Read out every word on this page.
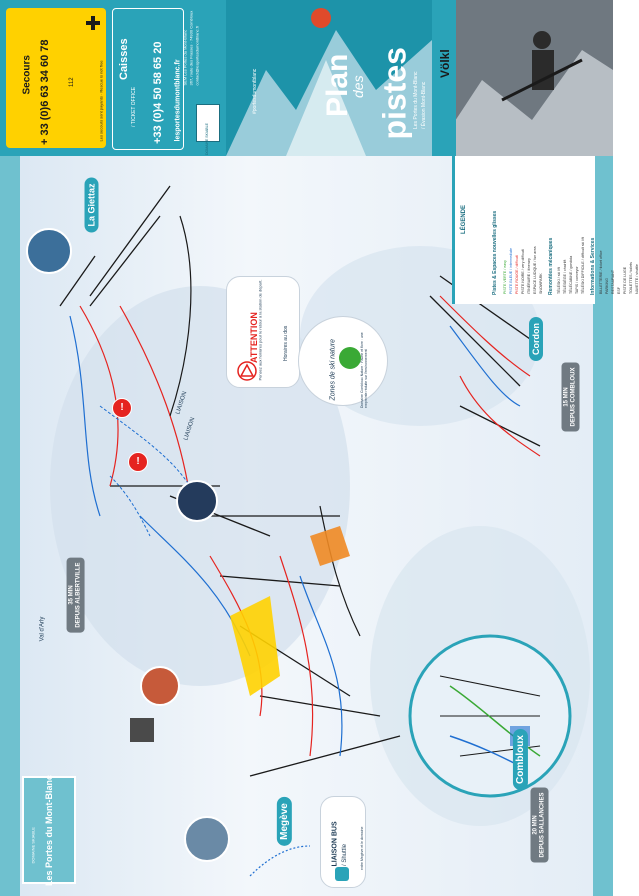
Secours + 33 (0)6 63 34 60 78	112	Les secours sont payants · Rescue is not free
Caisses
/ TICKET OFFICE +33 (0)4 50 58 65 20 lesportesdumontblanc.fr
SEM Les Portes du Mont-Blanc 367, route des Frasses · 74930 Combloux contact@lesportesdumontblanc.fr
DOMAINE SKIABLE
Plan
des pistes
#portesdumontblanc	Les Portes du Mont-Blanc / Évasion Mont-Blanc
Völkl
LÉGENDE	Pistes & Espaces nouvelles glisses PISTE VERTE / easy PISTE BLEUE / intermediate PISTE ROUGE / difficult PISTE NOIRE / very difficult ITINÉRAIRE / itinerary ESPACE LUDIQUE / fun area SNOWPARK Remontées mécaniques TÉLÉSKI / ski lift TÉLÉSIÈGE / chairlift TÉLÉCABINE / gondola TAPIS / conveyor TÉLÉSKI DIFFICILE / difficult ski lift Informations & Services BILLETTERIE / ticket office PARKING RESTAURANT ESF PISTE DE LUGE TOILETTES / toilets NAVETTE / shuttle
La Giettaz
Cordon
Combloux
Megève
Val d'Arly
15 MIN DEPUIS COMBLOUX
35 MIN DEPUIS ALBERTVILLE
20 MIN DEPUIS SALLANCHES
ATTENTION
Pensez aux horaires pour le retour à la station de départ.	Horaires au dos	Zones de ski nature	Domaine Combloux Nature · Faune et flore : une empreinte réduite sur l'environnement
!
!
LIAISON
LIAISON
LIAISON BUS / Shuttle	entre Megève et le domaine
DOMAINE SKIABLE Les Portes du Mont-Blanc
